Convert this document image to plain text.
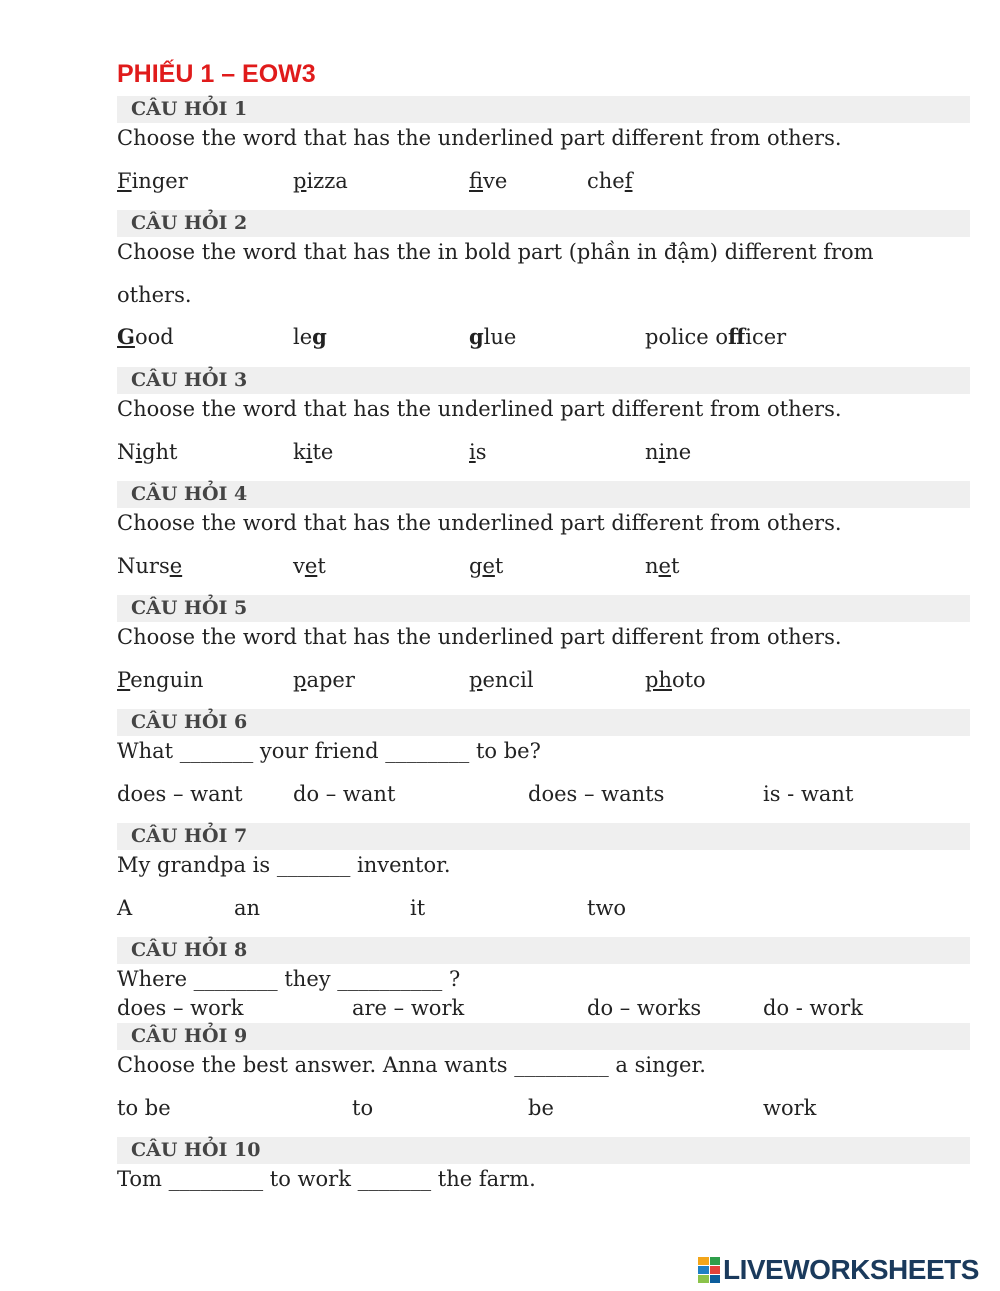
PHIẾU 1 – EOW3
CÂU HỎI 1
Choose the word that has the underlined part different from others.
Finger	pizza	five	chef
CÂU HỎI 2
Choose the word that has the in bold part (phần in đậm) different from
others.
Good	leg	glue	police officer
CÂU HỎI 3
Choose the word that has the underlined part different from others.
Night	kite	is	nine
CÂU HỎI 4
Choose the word that has the underlined part different from others.
Nurse	vet	get	net
CÂU HỎI 5
Choose the word that has the underlined part different from others.
Penguin	paper	pencil	photo
CÂU HỎI 6
What _______ your friend ________ to be?
does – want do – want	does – wants	is - want
CÂU HỎI 7
My grandpa is _______ inventor.
A	an	it	two
CÂU HỎI 8
Where ________ they __________ ?
does – work	are – work	do – works	do - work
CÂU HỎI 9
Choose the best answer. Anna wants _________ a singer.
to be	to	be	work
CÂU HỎI 10
Tom _________ to work _______ the farm.
LIVEWORKSHEETS
